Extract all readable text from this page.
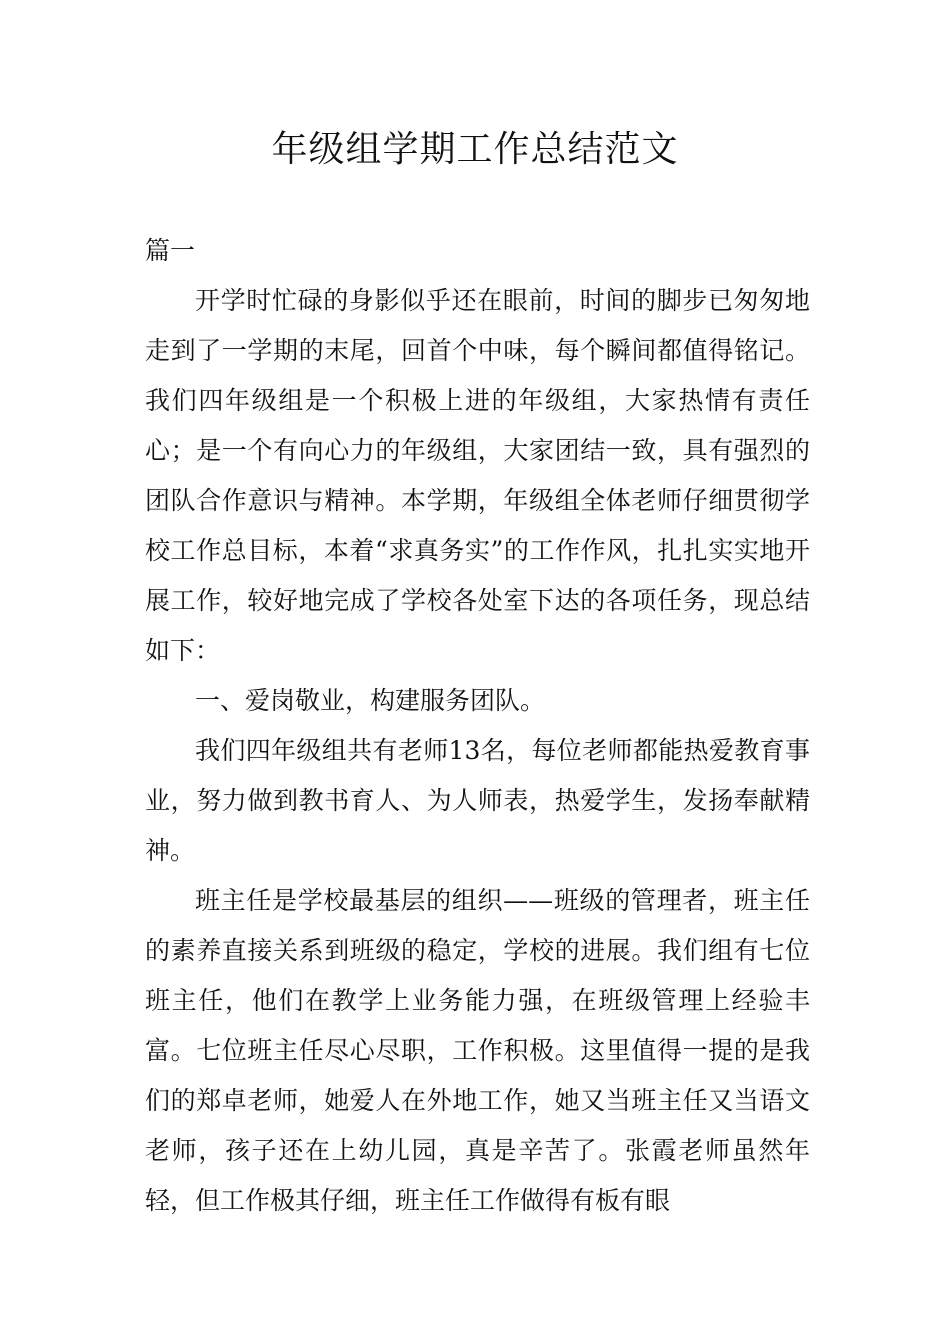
年级组学期工作总结范文

篇一

开学时忙碌的身影似乎还在眼前，时间的脚步已匆匆地走到了一学期的末尾，回首个中味，每个瞬间都值得铭记。我们四年级组是一个积极上进的年级组，大家热情有责任心；是一个有向心力的年级组，大家团结一致，具有强烈的团队合作意识与精神。本学期，年级组全体老师仔细贯彻学校工作总目标，本着“求真务实”的工作作风，扎扎实实地开展工作，较好地完成了学校各处室下达的各项任务，现总结如下：

一、爱岗敬业，构建服务团队。

我们四年级组共有老师13名，每位老师都能热爱教育事业，努力做到教书育人、为人师表，热爱学生，发扬奉献精神。

班主任是学校最基层的组织——班级的管理者，班主任的素养直接关系到班级的稳定，学校的进展。我们组有七位班主任，他们在教学上业务能力强，在班级管理上经验丰富。七位班主任尽心尽职，工作积极。这里值得一提的是我们的郑卓老师，她爱人在外地工作，她又当班主任又当语文老师，孩子还在上幼儿园，真是辛苦了。张霞老师虽然年轻，但工作极其仔细，班主任工作做得有板有眼
